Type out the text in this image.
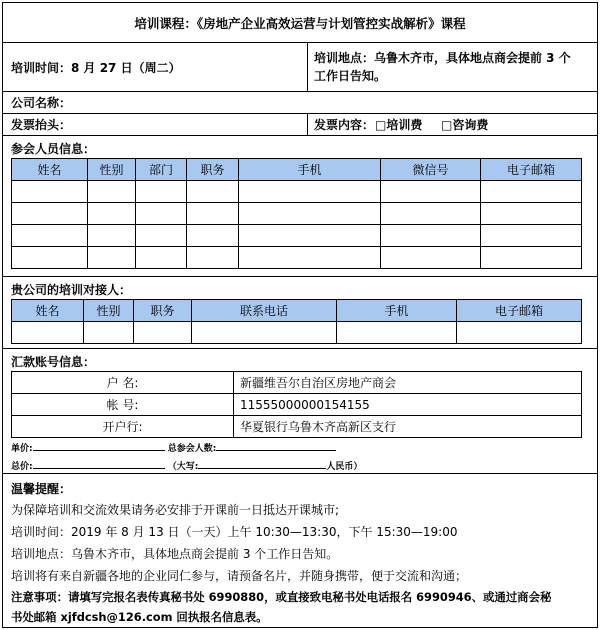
培训课程：《房地产企业高效运营与计划管控实战解析》课程
培训时间：8 月 27 日（周二）
培训地点：乌鲁木齐市，具体地点商会提前 3 个
工作日告知。
公司名称：
发票抬头：	发票内容： □培训费 □咨询费
参会人员信息：
姓名	性别	部门	职务	手机	微信号	电子邮箱

贵公司的培训对接人：
姓名	性别	职务	联系电话	手机	电子邮箱

汇款账号信息：
户 名:	新疆维吾尔自治区房地产商会
帐 号:	11555000000154155
开户行:	华夏银行乌鲁木齐高新区支行
单价:	总参会人数:
总价:	（大写:	人民币）
温馨提醒：
为保障培训和交流效果请务必安排于开课前一日抵达开课城市;
培训时间：2019 年 8 月 13 日（一天）上午 10:30—13:30，下午 15:30—19:00
培训地点：乌鲁木齐市，具体地点商会提前 3 个工作日告知。
培训将有来自新疆各地的企业同仁参与，请预备名片，并随身携带，便于交流和沟通；
注意事项：请填写完报名表传真秘书处 6990880，或直接致电秘书处电话报名 6990946、或通过商会秘
书处邮箱 xjfdcsh@126.com 回执报名信息表。
